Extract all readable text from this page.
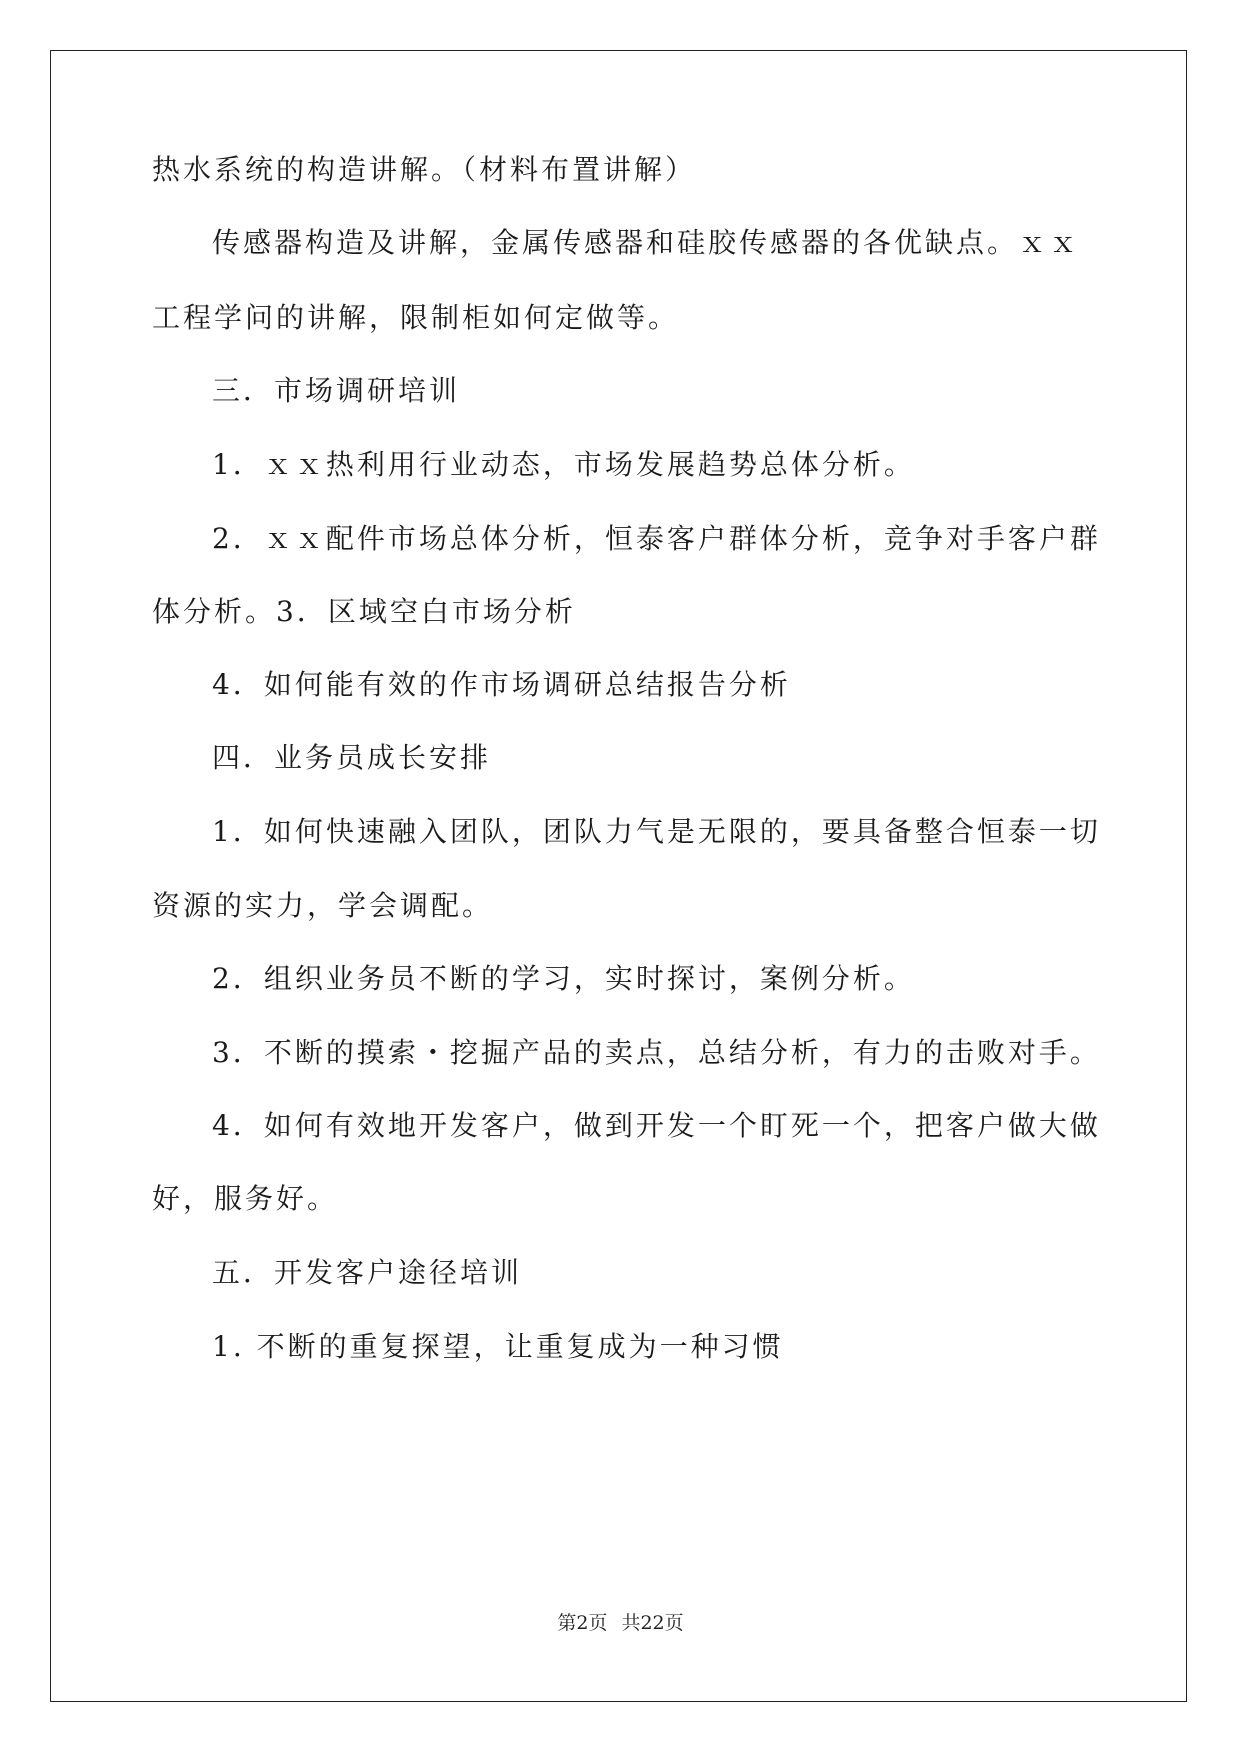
热水系统的构造讲解。（材料布置讲解）
传感器构造及讲解，金属传感器和硅胶传感器的各优缺点。ｘｘ
工程学问的讲解，限制柜如何定做等。
三．市场调研培训
1．ｘｘ热利用行业动态，市场发展趋势总体分析。
2．ｘｘ配件市场总体分析，恒泰客户群体分析，竞争对手客户群
体分析。3．区域空白市场分析
4．如何能有效的作市场调研总结报告分析
四．业务员成长安排
1．如何快速融入团队，团队力气是无限的，要具备整合恒泰一切
资源的实力，学会调配。
2．组织业务员不断的学习，实时探讨，案例分析。
3．不断的摸索・挖掘产品的卖点，总结分析，有力的击败对手。
4．如何有效地开发客户，做到开发一个盯死一个，把客户做大做
好，服务好。
五．开发客户途径培训
1. 不断的重复探望，让重复成为一种习惯
第2页 共22页
